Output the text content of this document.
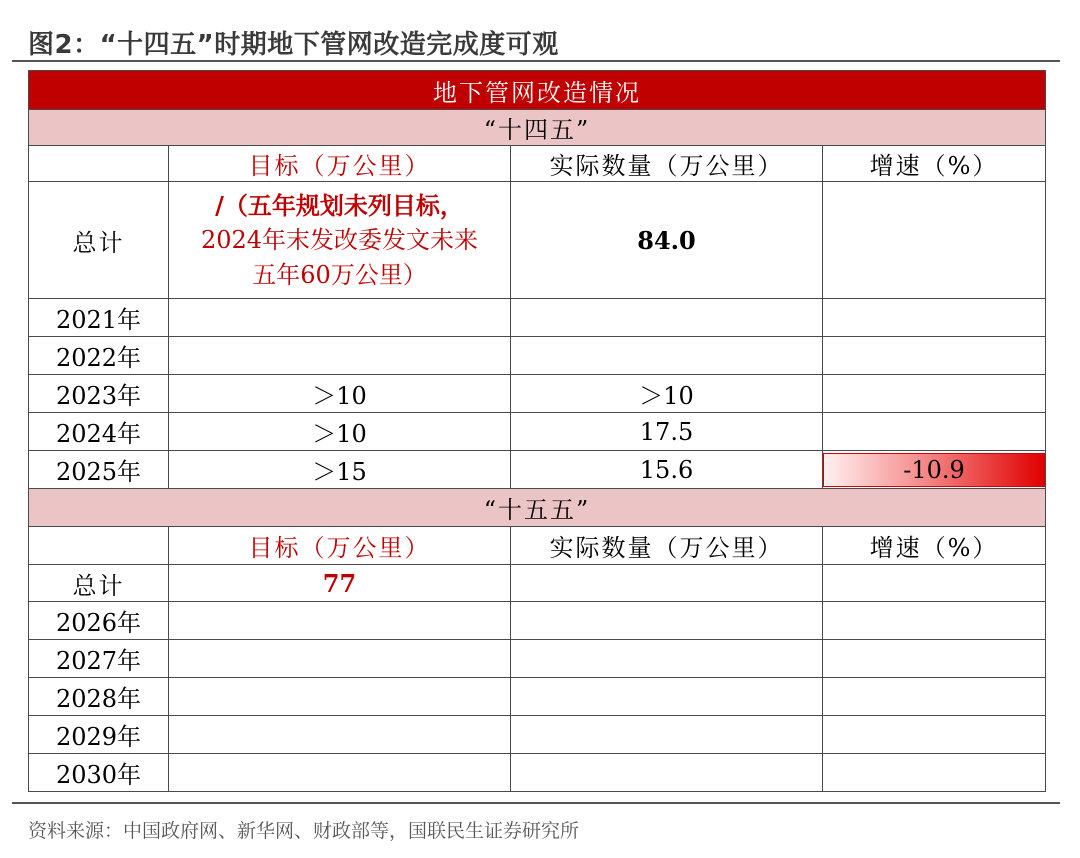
图2：“十四五”时期地下管网改造完成度可观
地下管网改造情况			
“十四五”			
	目标（万公里）	实际数量（万公里）	增速（%）
总计	/（五年规划未列目标，
2024年末发改委发文未来
五年60万公里）	84.0	
2021年			
2022年			
2023年	＞10	＞10	
2024年	＞10	17.5	
2025年	＞15	15.6	-10.9

“十五五”			
	目标（万公里）	实际数量（万公里）	增速（%）
总计	77		
2026年			
2027年			
2028年			
2029年			
2030年			
资料来源：中国政府网、新华网、财政部等，国联民生证券研究所
